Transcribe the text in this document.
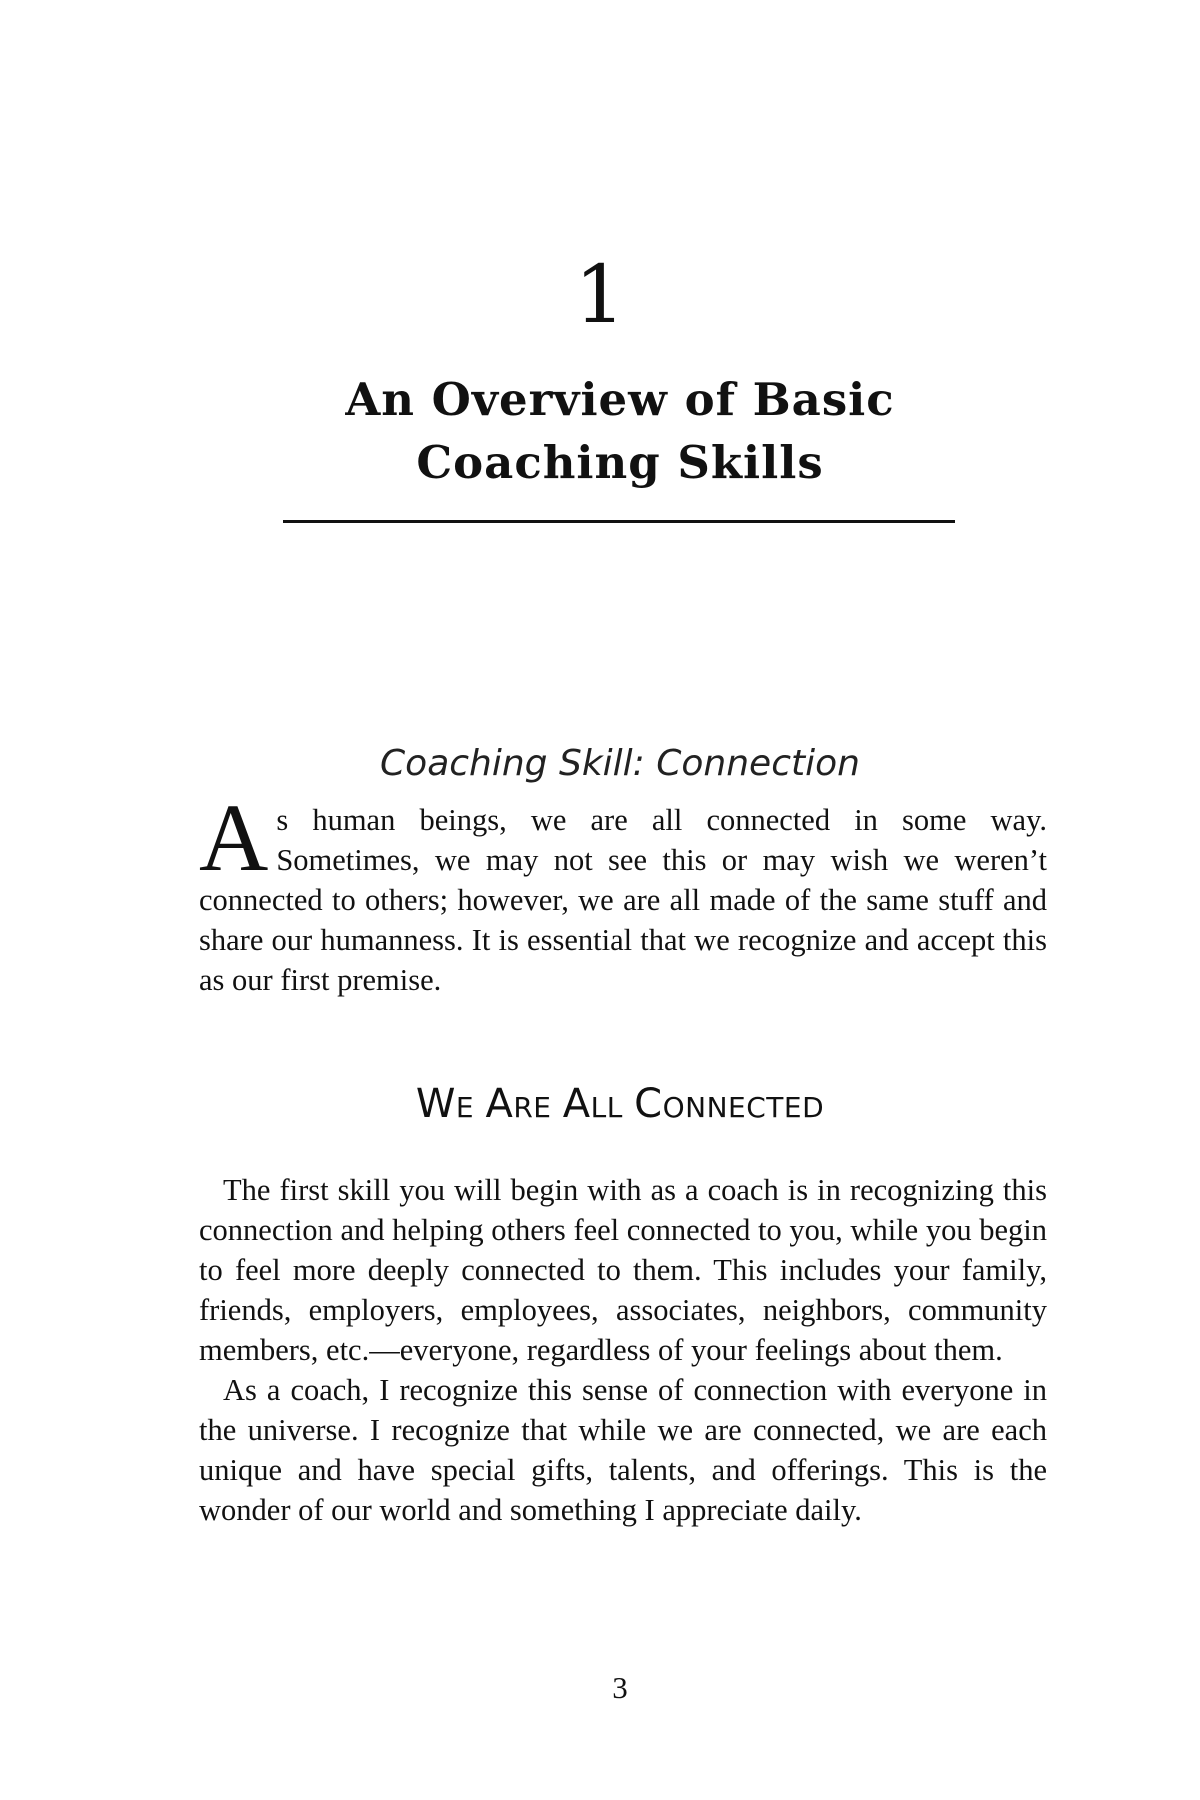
1
An Overview of Basic
Coaching Skills
Coaching Skill: Connection
As human beings, we are all connected in some way. Sometimes, we may not see this or may wish we weren’t connected to others; however, we are all made of the same stuff and share our humanness. It is essential that we recognize and accept this as our first premise.
WE ARE ALL CONNECTED

The first skill you will begin with as a coach is in recognizing this connection and helping others feel connected to you, while you begin to feel more deeply connected to them. This includes your family, friends, employers, employees, associates, neighbors, community members, etc.—everyone, regardless of your feelings about them.

As a coach, I recognize this sense of connection with everyone in the universe. I recognize that while we are connected, we are each unique and have special gifts, talents, and offerings. This is the wonder of our world and something I appreciate daily.

3
